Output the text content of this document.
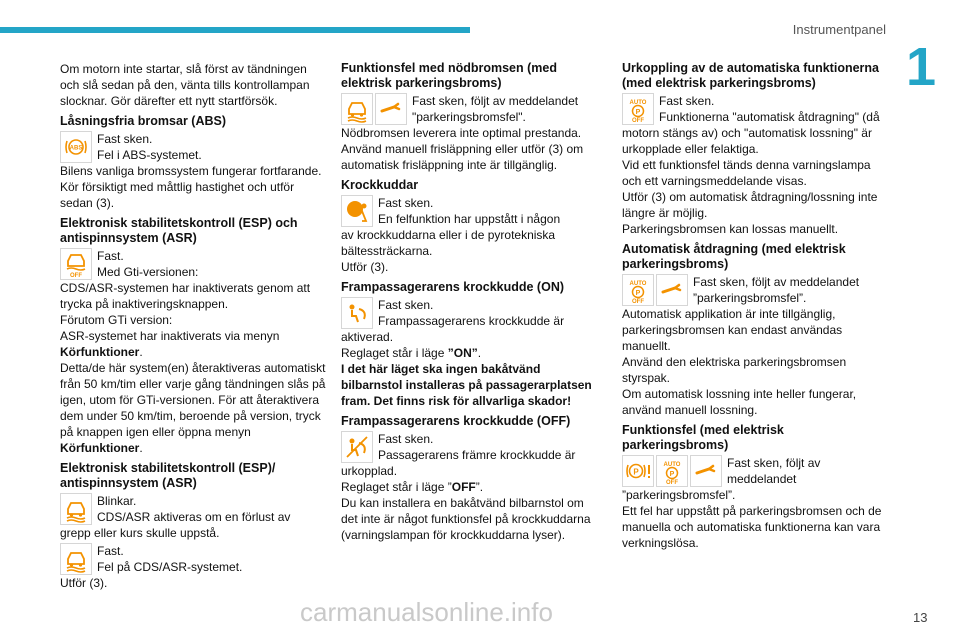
Instrumentpanel
1
13
carmanualsonline.info

Om motorn inte startar, slå först av tändningen och slå sedan på den, vänta tills kontrollampan slocknar. Gör därefter ett nytt startförsök.

Låsningsfria bromsar (ABS)

ABS
Fast sken.
Fel i ABS-systemet.

Bilens vanliga bromssystem fungerar fortfarande. Kör försiktigt med måttlig hastighet och utför sedan (3).

Elektronisk stabilitetskontroll (ESP) och antispinnsystem (ASR)

OFF
Fast.
Med Gti-versionen:

CDS/ASR-systemen har inaktiverats genom att trycka på inaktiveringsknappen.

Förutom GTi version:

ASR-systemet har inaktiverats via menyn Körfunktioner.

Detta/de här system(en) återaktiveras automatiskt från 50 km/tim eller varje gång tändningen slås på igen, utom för GTi-versionen. För att återaktivera dem under 50 km/tim, beroende på version, tryck på knappen igen eller öppna menyn Körfunktioner.

Elektronisk stabilitetskontroll (ESP)/ antispinnsystem (ASR)

Blinkar.
CDS/ASR aktiveras om en förlust av

grepp eller kurs skulle uppstå.

Fast.
Fel på CDS/ASR-systemet.

Utför (3).

Funktionsfel med nödbromsen (med elektrisk parkeringsbroms)

Fast sken, följt av meddelandet "parkeringsbromsfel".

Nödbromsen leverera inte optimal prestanda. Använd manuell frisläppning eller utför (3) om automatisk frisläppning inte är tillgänglig.

Krockkuddar

Fast sken.
En felfunktion har uppstått i någon

av krockkuddarna eller i de pyrotekniska bältessträckarna.

Utför (3).

Frampassagerarens krockkudde (ON)

Fast sken.
Frampassagerarens krockkudde är

aktiverad.

Reglaget står i läge ”ON”.

I det här läget ska ingen bakåtvänd bilbarnstol installeras på passagerarplatsen fram. Det finns risk för allvarliga skador!

Frampassagerarens krockkudde (OFF)

Fast sken.
Passagerarens främre krockkudde är

urkopplad.

Reglaget står i läge ”OFF”.

Du kan installera en bakåtvänd bilbarnstol om det inte är något funktionsfel på krockkuddarna (varningslampan för krockkuddarna lyser).

Urkoppling av de automatiska funktionerna (med elektrisk parkeringsbroms)

Fast sken.
Funktionerna "automatisk åtdragning" (då

motorn stängs av) och "automatisk lossning" är urkopplade eller felaktiga.

Vid ett funktionsfel tänds denna varningslampa och ett varningsmeddelande visas.

Utför (3) om automatisk åtdragning/lossning inte längre är möjlig.

Parkeringsbromsen kan lossas manuellt.

Automatisk åtdragning (med elektrisk parkeringsbroms)

Fast sken, följt av meddelandet ”parkeringsbromsfel”.

Automatisk applikation är inte tillgänglig, parkeringsbromsen kan endast användas manuellt.

Använd den elektriska parkeringsbromsen styrspak.

Om automatisk lossning inte heller fungerar, använd manuell lossning.

Funktionsfel (med elektrisk parkeringsbroms)

P
Fast sken, följt av meddelandet

”parkeringsbromsfel”.

Ett fel har uppstått på parkeringsbromsen och de manuella och automatiska funktionerna kan vara verkningslösa.
